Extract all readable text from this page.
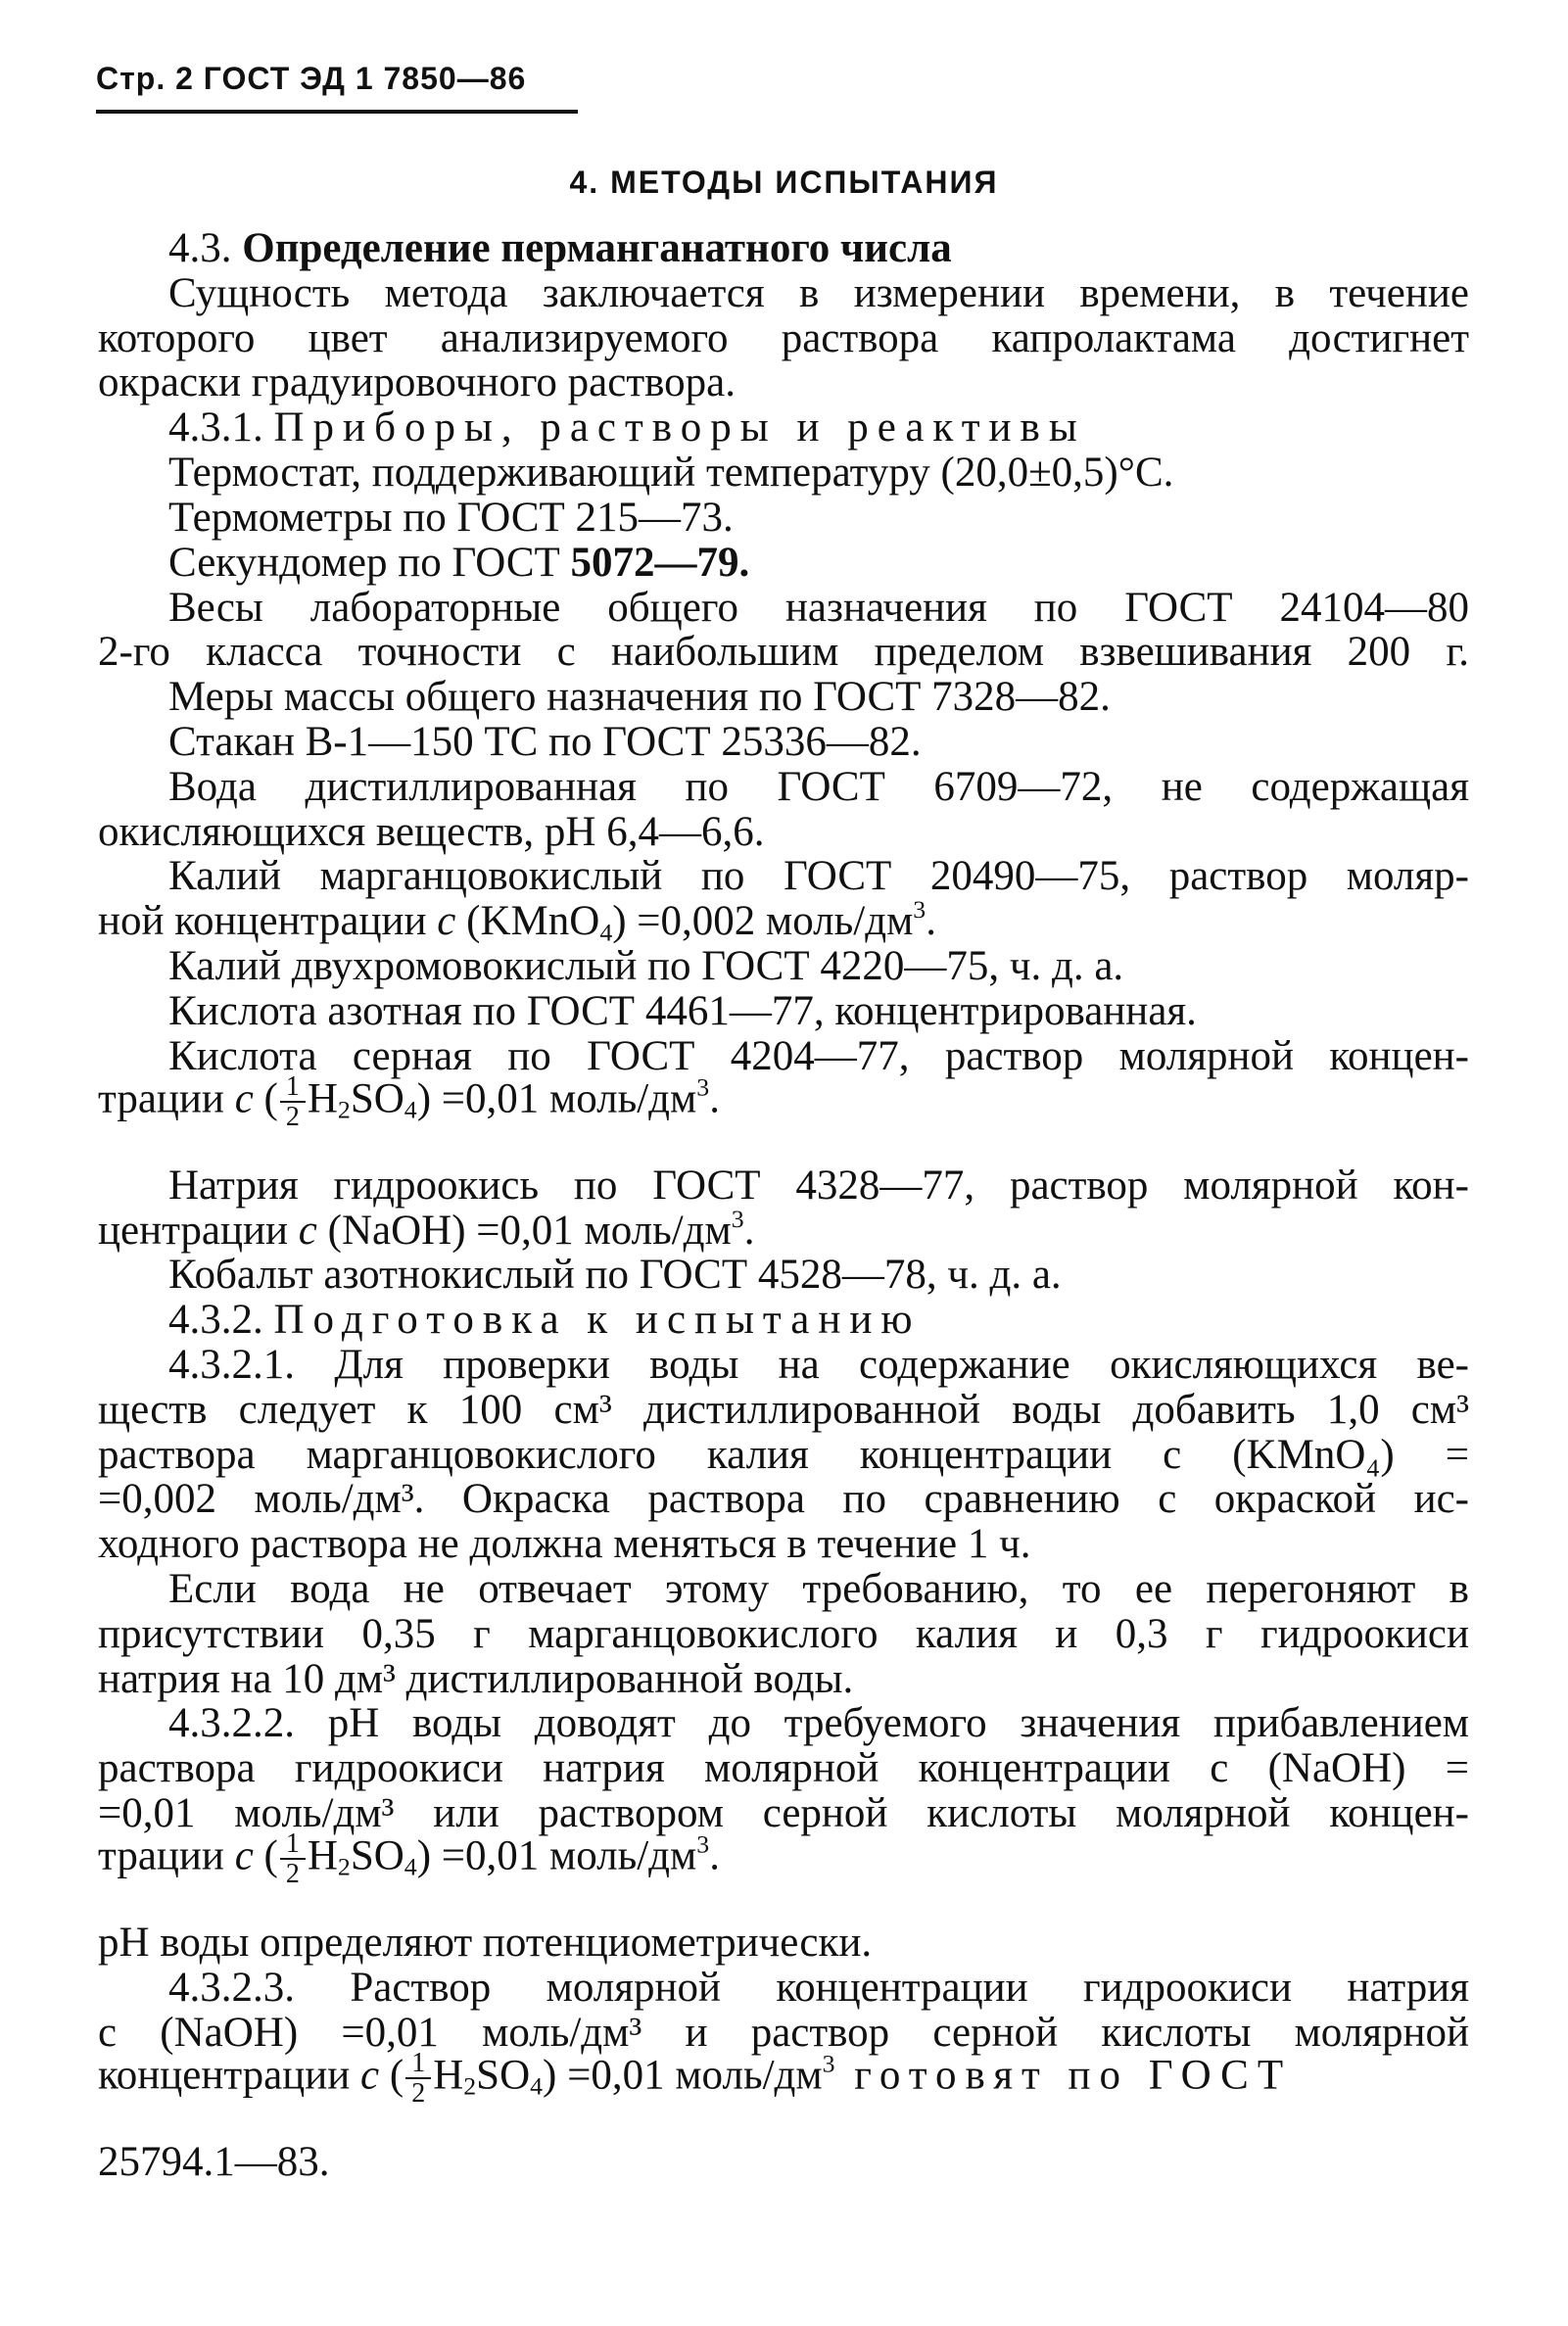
Стр. 2 ГОСТ ЭД 1 7850—86
4. МЕТОДЫ ИСПЫТАНИЯ
4.3. Определение перманганатного числа
Сущность метода заключается в измерении времени, в течение
которого цвет анализируемого раствора капролактама достигнет
окраски градуировочного раствора.
4.3.1. Приборы, растворы и реактивы
Термостат, поддерживающий температуру (20,0±0,5)°С.
Термометры по ГОСТ 215—73.
Секундомер по ГОСТ 5072—79.
Весы лабораторные общего назначения по ГОСТ 24104—80
2-го класса точности с наибольшим пределом взвешивания 200 г.
Меры массы общего назначения по ГОСТ 7328—82.
Стакан В-1—150 ТС по ГОСТ 25336—82.
Вода дистиллированная по ГОСТ 6709—72, не содержащая
окисляющихся веществ, pH 6,4—6,6.
Калий марганцовокислый по ГОСТ 20490—75, раствор моляр-
ной концентрации с (KMnO$_4$) =0,002 моль/$дм^3$.
Калий двухромовокислый по ГОСТ 4220—75, ч. д. а.
Кислота азотная по ГОСТ 4461—77, концентрированная.
Кислота серная по ГОСТ 4204—77, раствор молярной концен-
трации с ( $\frac{1}{2} H_2SO_4) =0,01$ моль/$дм^3$.
Натрия гидроокись по ГОСТ 4328—77, раствор молярной кон-
центрации с (NaOH) =0,01 моль/$дм^3$.
Кобальт азотнокислый по ГОСТ 4528—78, ч. д. а.
4.3.2. Подготовка к испытанию
4.3.2.1. Для проверки воды на содержание окисляющихся ве-
ществ следует к 100 см³ дистиллированной воды добавить 1,0 см³
раствора марганцовокислого калия концентрации с (KMnO₄) =
=0,002 моль/дм³. Окраска раствора по сравнению с окраской ис-
ходного раствора не должна меняться в течение 1 ч.
Если вода не отвечает этому требованию, то ее перегоняют в
присутствии 0,35 г марганцовокислого калия и 0,3 г гидроокиси
натрия на 10 дм³ дистиллированной воды.
4.3.2.2. pH воды доводят до требуемого значения прибавлением
раствора гидроокиси натрия молярной концентрации с (NaOH) =
=0,01 моль/дм³ или раствором серной кислоты молярной концен-
трации с ( $\frac{1}{2} H_2SO_4) =0,01$ моль/$дм^3$.
pH воды определяют потенциометрически.
4.3.2.3. Раствор молярной концентрации гидроокиси натрия
с (NaOH) =0,01 моль/дм³ и раствор серной кислоты молярной
концентрации с ( $\frac{1}{2} H_2SO_4) =0,01$ моль/$дм^3$ готовят по ГОСТ
25794.1—83.
